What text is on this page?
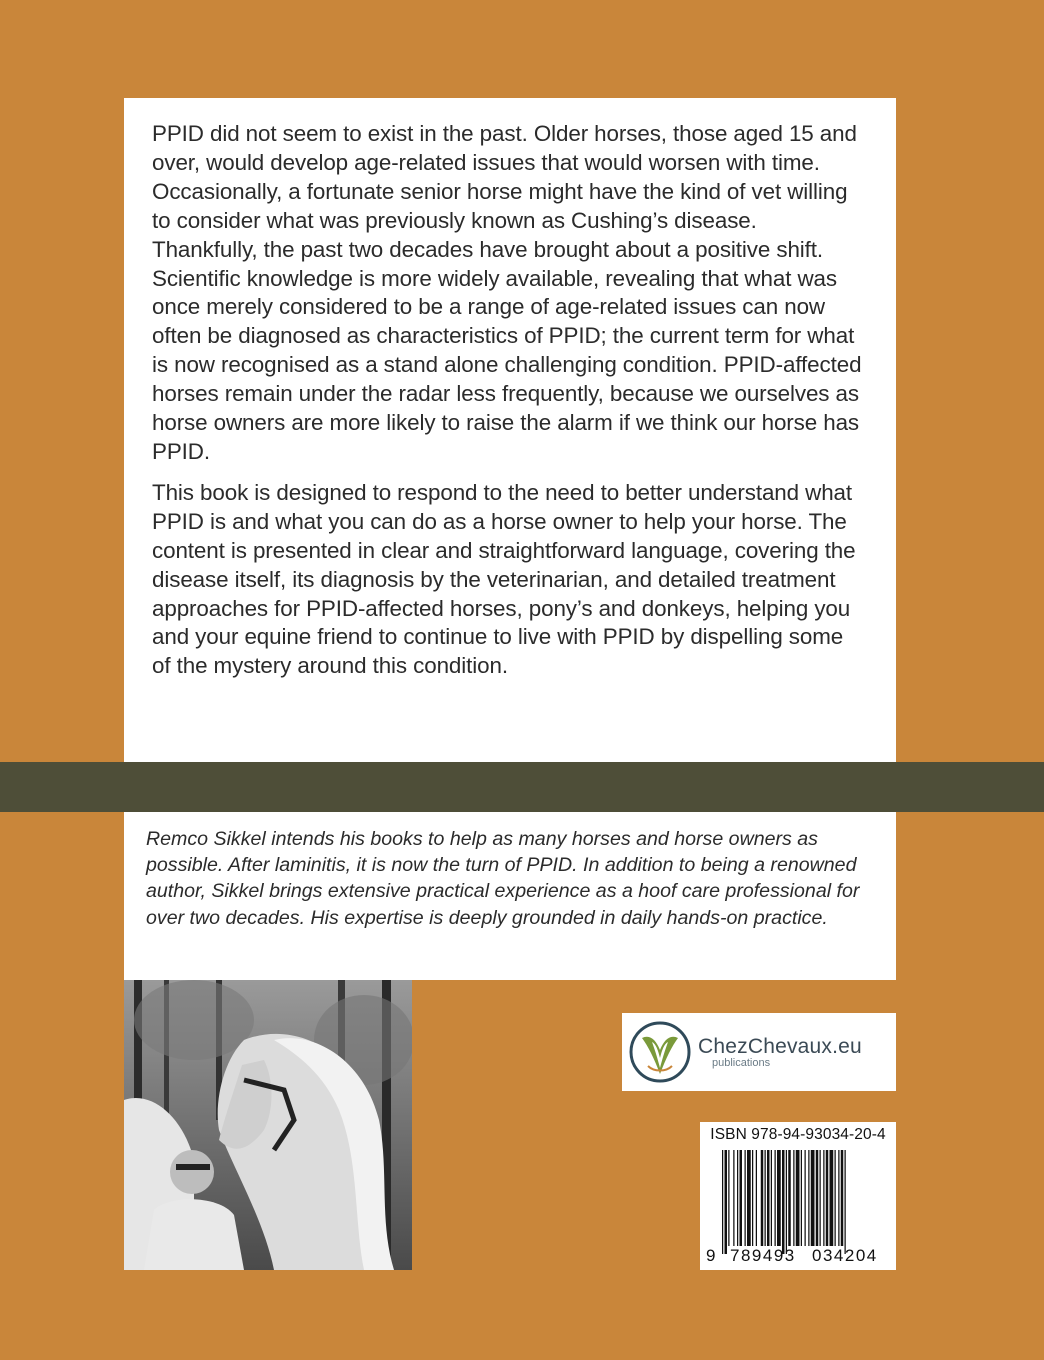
PPID did not seem to exist in the past. Older horses, those aged 15 and over, would develop age-related issues that would worsen with time. Occasionally, a fortunate senior horse might have the kind of vet willing to consider what was previously known as Cushing’s disease. Thankfully, the past two decades have brought about a positive shift. Scientific knowledge is more widely available, revealing that what was once merely considered to be a range of age-related issues can now often be diagnosed as characteristics of PPID; the current term for what is now recognised as a stand alone challenging condition. PPID-affected horses remain under the radar less frequently, because we ourselves as horse owners are more likely to raise the alarm if we think our horse has PPID.

This book is designed to respond to the need to better understand what PPID is and what you can do as a horse owner to help your horse. The content is presented in clear and straightforward language, covering the disease itself, its diagnosis by the veterinarian, and detailed treatment approaches for PPID-affected horses, pony’s and donkeys, helping you and your equine friend to continue to live with PPID by dispelling some of the mystery around this condition.

Remco Sikkel intends his books to help as many horses and horse owners as possible. After laminitis, it is now the turn of PPID. In addition to being a renowned author, Sikkel brings extensive practical experience as a hoof care professional for over two decades. His expertise is deeply grounded in daily hands-on practice.

ChezChevaux.eu
publications
ISBN 978-94-93034-20-4
9 789493 034204
